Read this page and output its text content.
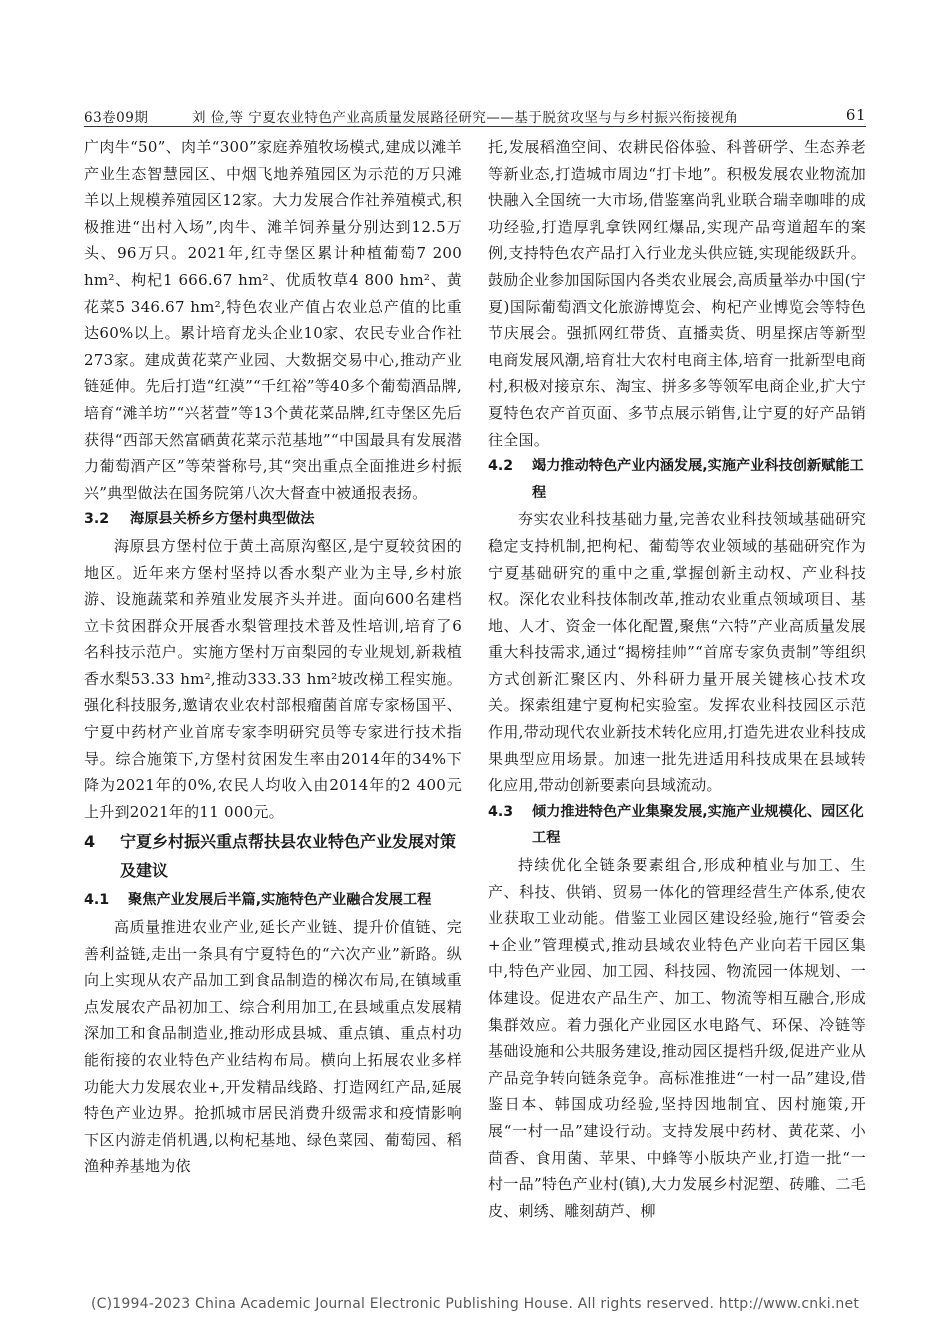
63卷09期	刘 俭,等 宁夏农业特色产业高质量发展路径研究——基于脱贫攻坚与与乡村振兴衔接视角	61

广肉牛“50”、肉羊“300”家庭养殖牧场模式,建成以滩羊产业生态智慧园区、中烟飞地养殖园区为示范的万只滩羊以上规模养殖园区12家。大力发展合作社养殖模式,积极推进“出村入场”,肉牛、滩羊饲养量分别达到12.5万头、96万只。2021年,红寺堡区累计种植葡萄7 200 hm²、枸杞1 666.67 hm²、优质牧草4 800 hm²、黄花菜5 346.67 hm²,特色农业产值占农业总产值的比重达60%以上。累计培育龙头企业10家、农民专业合作社273家。建成黄花菜产业园、大数据交易中心,推动产业链延伸。先后打造“红漠”“千红裕”等40多个葡萄酒品牌,培育“滩羊坊”“兴茗萱”等13个黄花菜品牌,红寺堡区先后获得“西部天然富硒黄花菜示范基地”“中国最具有发展潜力葡萄酒产区”等荣誉称号,其“突出重点全面推进乡村振兴”典型做法在国务院第八次大督查中被通报表扬。

3.2	海原县关桥乡方堡村典型做法

海原县方堡村位于黄土高原沟壑区,是宁夏较贫困的地区。近年来方堡村坚持以香水梨产业为主导,乡村旅游、设施蔬菜和养殖业发展齐头并进。面向600名建档立卡贫困群众开展香水梨管理技术普及性培训,培育了6名科技示范户。实施方堡村万亩梨园的专业规划,新栽植香水梨53.33 hm²,推动333.33 hm²坡改梯工程实施。强化科技服务,邀请农业农村部根瘤菌首席专家杨国平、宁夏中药材产业首席专家李明研究员等专家进行技术指导。综合施策下,方堡村贫困发生率由2014年的34%下降为2021年的0%,农民人均收入由2014年的2 400元上升到2021年的11 000元。

4	宁夏乡村振兴重点帮扶县农业特色产业发展对策及建议
4.1	聚焦产业发展后半篇,实施特色产业融合发展工程

高质量推进农业产业,延长产业链、提升价值链、完善利益链,走出一条具有宁夏特色的“六次产业”新路。纵向上实现从农产品加工到食品制造的梯次布局,在镇域重点发展农产品初加工、综合利用加工,在县域重点发展精深加工和食品制造业,推动形成县城、重点镇、重点村功能衔接的农业特色产业结构布局。横向上拓展农业多样功能大力发展农业+,开发精品线路、打造网红产品,延展特色产业边界。抢抓城市居民消费升级需求和疫情影响下区内游走俏机遇,以枸杞基地、绿色菜园、葡萄园、稻渔种养基地为依

托,发展稻渔空间、农耕民俗体验、科普研学、生态养老等新业态,打造城市周边“打卡地”。积极发展农业物流加快融入全国统一大市场,借鉴塞尚乳业联合瑞幸咖啡的成功经验,打造厚乳拿铁网红爆品,实现产品弯道超车的案例,支持特色农产品打入行业龙头供应链,实现能级跃升。鼓励企业参加国际国内各类农业展会,高质量举办中国(宁夏)国际葡萄酒文化旅游博览会、枸杞产业博览会等特色节庆展会。强抓网红带货、直播卖货、明星探店等新型电商发展风潮,培育壮大农村电商主体,培育一批新型电商村,积极对接京东、淘宝、拼多多等领军电商企业,扩大宁夏特色农产首页面、多节点展示销售,让宁夏的好产品销往全国。

4.2	竭力推动特色产业内涵发展,实施产业科技创新赋能工程

夯实农业科技基础力量,完善农业科技领域基础研究稳定支持机制,把枸杞、葡萄等农业领域的基础研究作为宁夏基础研究的重中之重,掌握创新主动权、产业科技权。深化农业科技体制改革,推动农业重点领域项目、基地、人才、资金一体化配置,聚焦“六特”产业高质量发展重大科技需求,通过“揭榜挂帅”“首席专家负责制”等组织方式创新汇聚区内、外科研力量开展关键核心技术攻关。探索组建宁夏枸杞实验室。发挥农业科技园区示范作用,带动现代农业新技术转化应用,打造先进农业科技成果典型应用场景。加速一批先进适用科技成果在县域转化应用,带动创新要素向县域流动。

4.3	倾力推进特色产业集聚发展,实施产业规模化、园区化工程

持续优化全链条要素组合,形成种植业与加工、生产、科技、供销、贸易一体化的管理经营生产体系,使农业获取工业动能。借鉴工业园区建设经验,施行“管委会+企业”管理模式,推动县域农业特色产业向若干园区集中,特色产业园、加工园、科技园、物流园一体规划、一体建设。促进农产品生产、加工、物流等相互融合,形成集群效应。着力强化产业园区水电路气、环保、冷链等基础设施和公共服务建设,推动园区提档升级,促进产业从产品竞争转向链条竞争。高标准推进“一村一品”建设,借鉴日本、韩国成功经验,坚持因地制宜、因村施策,开展“一村一品”建设行动。支持发展中药材、黄花菜、小茴香、食用菌、苹果、中蜂等小版块产业,打造一批“一村一品”特色产业村(镇),大力发展乡村泥塑、砖雕、二毛皮、刺绣、雕刻葫芦、柳

(C)1994-2023 China Academic Journal Electronic Publishing House. All rights reserved. http://www.cnki.net
